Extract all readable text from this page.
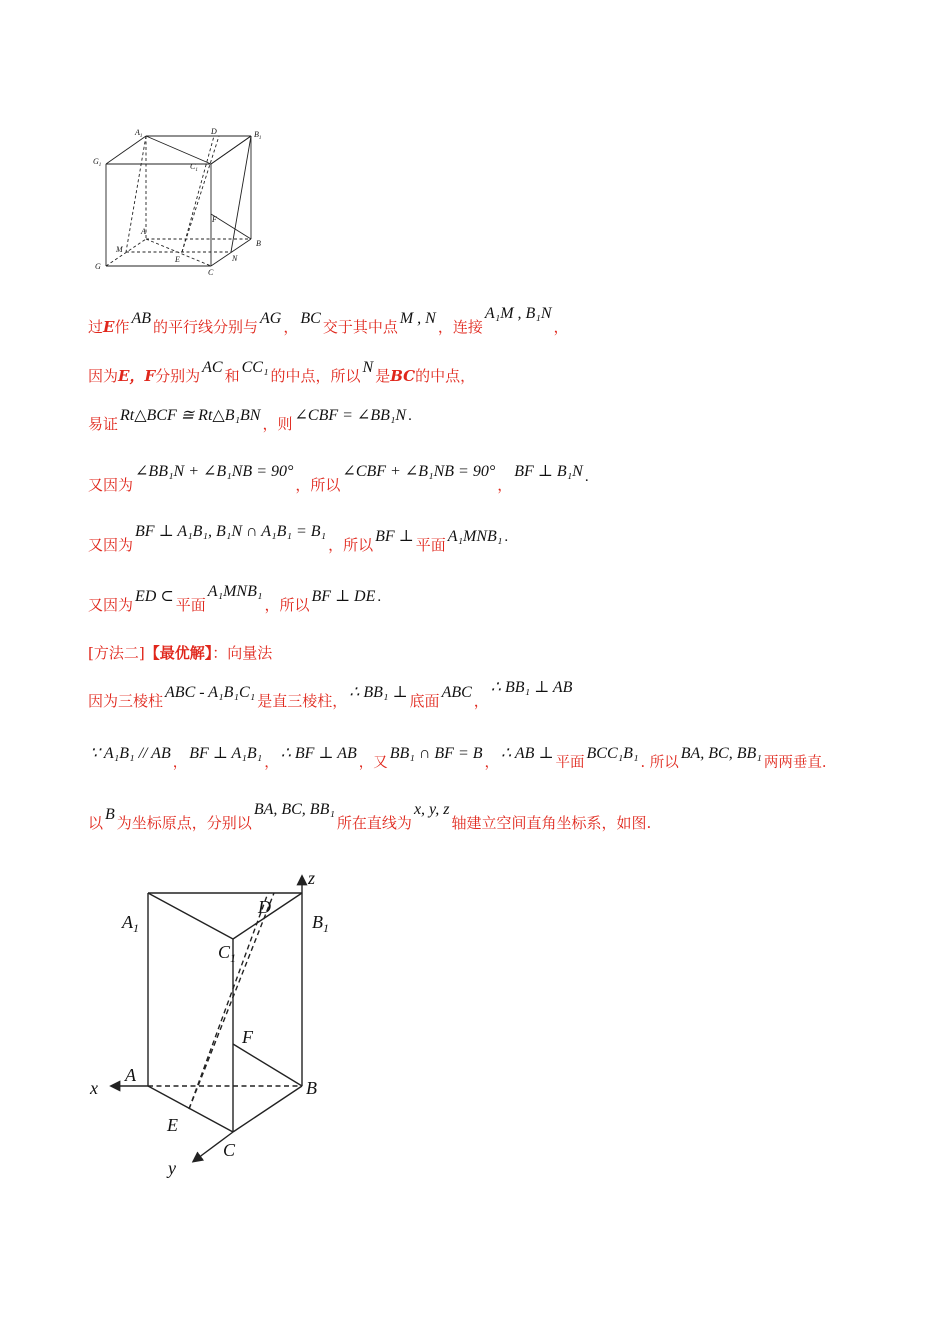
$A_1$
D	$B_1$
$G_1$	$C_1$
F
A
B
M
G
E
C
N
过E作 AB 的平行线分别与 AG ， BC 交于其中点 M , N ，连接A₁M , B₁N，
因为E，F分别为 AC 和 CC₁ 的中点，所以 N 是BC的中点，
易证 Rt△BCF ≅ Rt△B₁BN ，则 ∠CBF = ∠BB₁N .
又因为∠BB₁N + ∠B₁NB = 90°，所以∠CBF + ∠B₁NB = 90°，BF ⊥ B₁N .
又因为BF ⊥ A₁B₁, B₁N ∩ A₁B₁ = B₁，所以 BF ⊥ 平面 A₁MNB₁ .
又因为 ED ⊂ 平面A₁MNB₁，所以 BF ⊥ DE .
[方法二]【最优解】：向量法
因为三棱柱 ABC - A₁B₁C₁ 是直三棱柱， ∴ BB₁ ⊥ 底面 ABC ，∴ BB₁ ⊥ AB
∵ A₁B₁ // AB，BF ⊥ A₁B₁，∴ BF ⊥ AB，又BB₁ ∩ BF = B，∴ AB ⊥平面BCC₁B₁. 所以BA, BC, BB₁两两垂直.
以 B 为坐标原点，分别以BA, BC, BB₁所在直线为x, y, z轴建立空间直角坐标系，如图.
z
D
$A_1$	$B_1$
$C_1$
F
x
A
B
E
C
y
